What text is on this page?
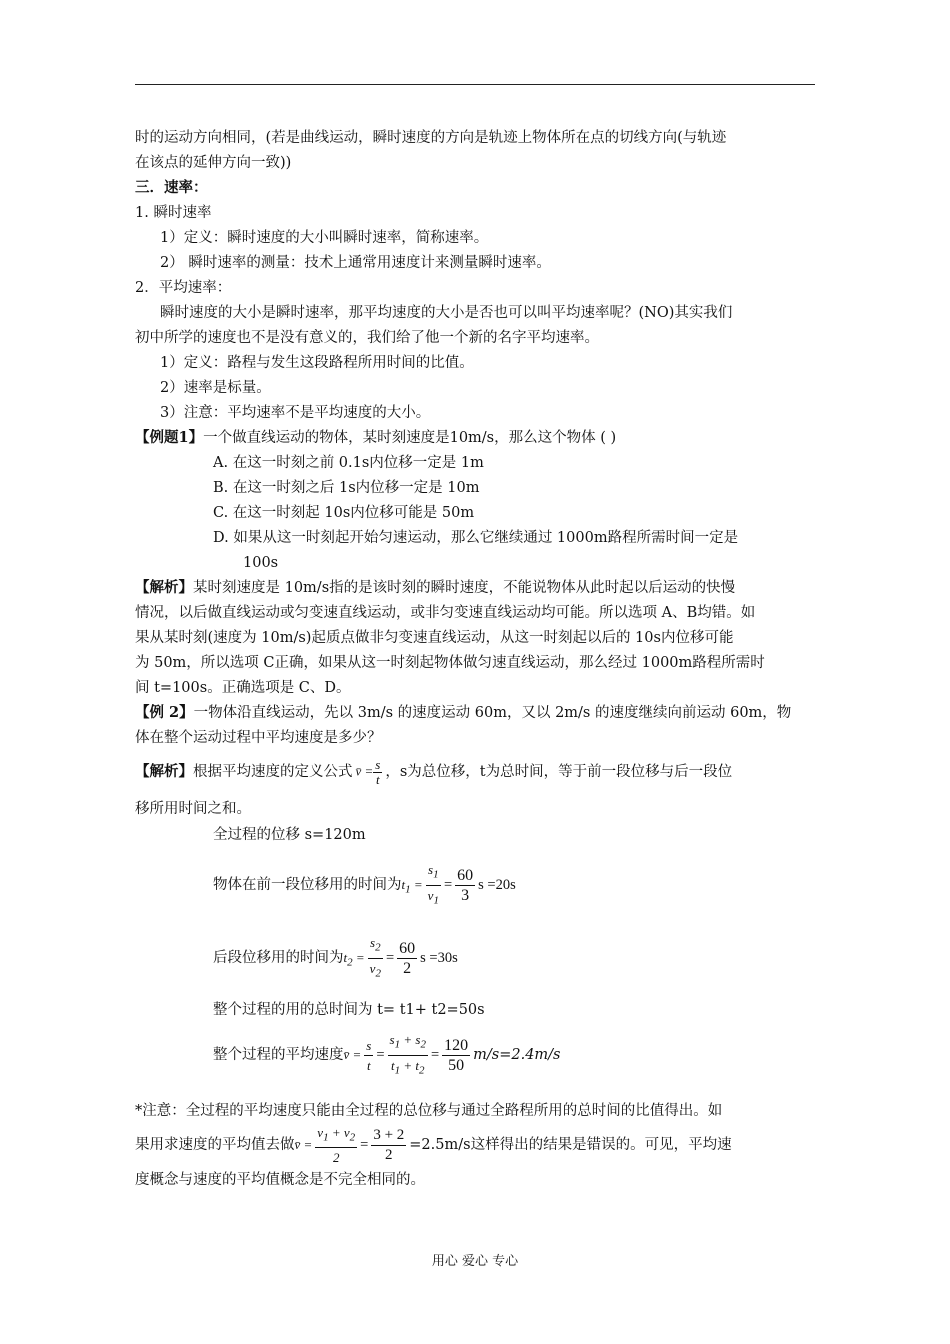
时的运动方向相同，(若是曲线运动，瞬时速度的方向是轨迹上物体所在点的切线方向(与轨迹
在该点的延伸方向一致))
三．速率：
1. 瞬时速率
1）定义：瞬时速度的大小叫瞬时速率，简称速率。
2） 瞬时速率的测量：技术上通常用速度计来测量瞬时速率。
2．平均速率：
瞬时速度的大小是瞬时速率，那平均速度的大小是否也可以叫平均速率呢？(NO)其实我们
初中所学的速度也不是没有意义的，我们给了他一个新的名字平均速率。
1）定义：路程与发生这段路程所用时间的比值。
2）速率是标量。
3）注意：平均速率不是平均速度的大小。
【例题1】一个做直线运动的物体，某时刻速度是10m/s，那么这个物体 ( )
A. 在这一时刻之前 0.1s内位移一定是 1m
B. 在这一时刻之后 1s内位移一定是 10m
C. 在这一时刻起 10s内位移可能是 50m
D. 如果从这一时刻起开始匀速运动，那么它继续通过 1000m路程所需时间一定是
100s
【解析】某时刻速度是 10m/s指的是该时刻的瞬时速度，不能说物体从此时起以后运动的快慢
情况，以后做直线运动或匀变速直线运动，或非匀变速直线运动均可能。所以选项 A、B均错。如
果从某时刻(速度为 10m/s)起质点做非匀变速直线运动，从这一时刻起以后的 10s内位移可能
为 50m，所以选项 C正确，如果从这一时刻起物体做匀速直线运动，那么经过 1000m路程所需时
间 t=100s。正确选项是 C、D。
【例 2】一物体沿直线运动，先以 3m/s 的速度运动 60m，又以 2m/s 的速度继续向前运动 60m，物
体在整个运动过程中平均速度是多少？
【解析】根据平均速度的定义公式 v̄ = $\frac{s}{t}$ ，s为总位移，t为总时间，等于前一段位移与后一段位
移所用时间之和。
全过程的位移 s=120m
物体在前一段位移用的时间为$t_1 = \frac{s_1}{v_1} = \frac{60}{3}$ s =20s
后段位移用的时间为$t_2 = \frac{s_2}{v_2} = \frac{60}{2}$ s =30s
整个过程的用的总时间为 t= t1+ t2=50s
整个过程的平均速度v̄ = $\frac{s}{t} = \frac{s_1 + s_2}{t_1 + t_2} = \frac{120}{50} m/s=2.4m/s$
*注意：全过程的平均速度只能由全过程的总位移与通过全路程所用的总时间的比值得出。如
果用求速度的平均值去做v̄ = $\frac{v_1 + v_2}{2} = \frac{3 + 2}{2} =2.5m/s$这样得出的结果是错误的。可见，平均速
度概念与速度的平均值概念是不完全相同的。
用心 爱心 专心
